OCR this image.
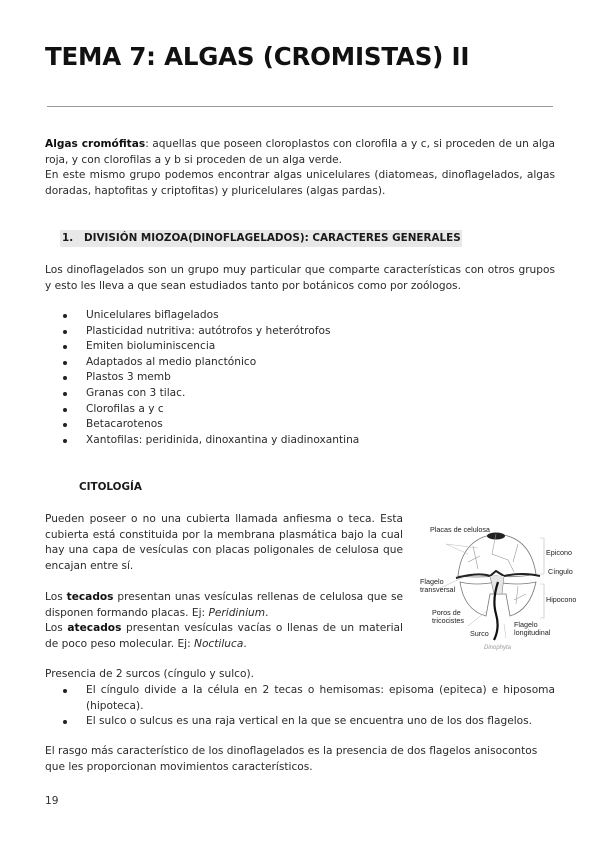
TEMA 7: ALGAS (CROMISTAS) II

Algas cromófitas: aquellas que poseen cloroplastos con clorofila a y c, si proceden de un alga roja, y con clorofilas a y b si proceden de un alga verde.
En este mismo grupo podemos encontrar algas unicelulares (diatomeas, dinoflagelados, algas doradas, haptofitas y criptofitas) y pluricelulares (algas pardas).

1. DIVISIÓN MIOZOA(DINOFLAGELADOS): CARACTERES GENERALES

Los dinoflagelados son un grupo muy particular que comparte características con otros grupos y esto les lleva a que sean estudiados tanto por botánicos como por zoólogos.

Unicelulares biflagelados
Plasticidad nutritiva: autótrofos y heterótrofos
Emiten bioluminiscencia
Adaptados al medio planctónico
Plastos 3 memb
Granas con 3 tilac.
Clorofilas a y c
Betacarotenos
Xantofilas: peridinida, dinoxantina y diadinoxantina
CITOLOGÍA

Pueden poseer o no una cubierta llamada anfiesma o teca. Esta cubierta está constituida por la membrana plasmática bajo la cual hay una capa de vesículas con placas poligonales de celulosa que encajan entre sí.

Los tecados presentan unas vesículas rellenas de celulosa que se disponen formando placas. Ej: Peridinium.

Los atecados presentan vesículas vacías o llenas de un material de poco peso molecular. Ej: Noctiluca.

Presencia de 2 surcos (cíngulo y sulco).

El cíngulo divide a la célula en 2 tecas o hemisomas: episoma (epiteca) e hiposoma (hipoteca).
El sulco o sulcus es una raja vertical en la que se encuentra uno de los dos flagelos.

El rasgo más característico de los dinoflagelados es la presencia de dos flagelos anisocontos que les proporcionan movimientos característicos.

Placas de celulosa
Epicono
Cíngulo
Flagelo transversal
Hipocono
Poros de tricocistes
Surco
Flagelo longitudinal
Dinophyta
19
